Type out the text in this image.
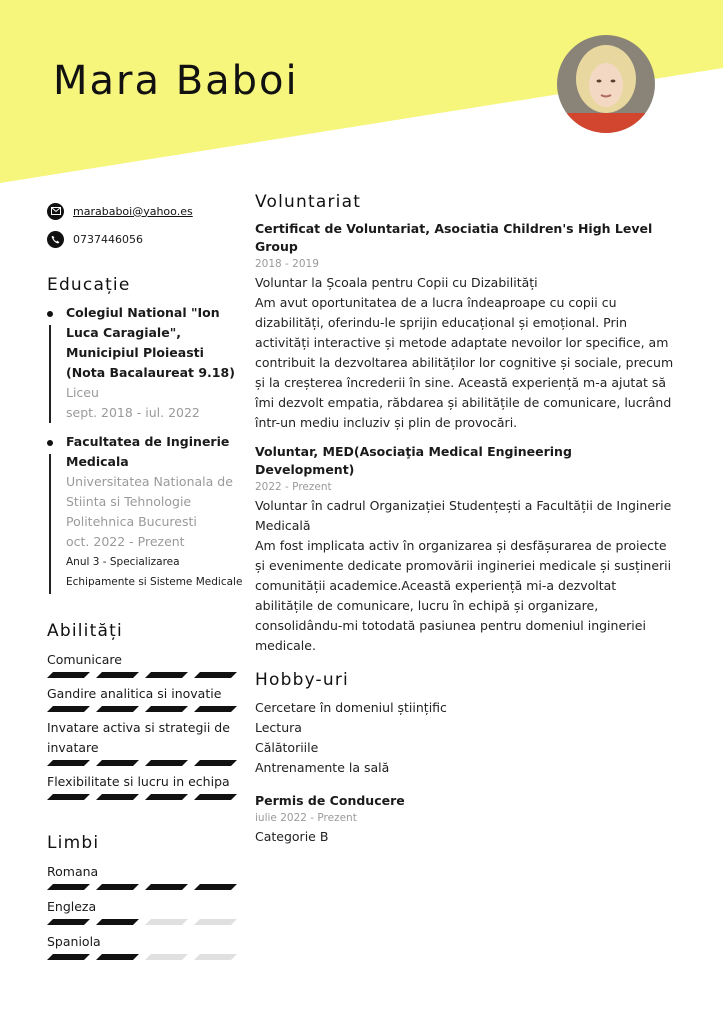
Mara Baboi
marababoi@yahoo.es
0737446056
Educație
Colegiul National "Ion Luca Caragiale", Municipiul Ploieasti (Nota Bacalaureat 9.18)
Liceu
sept. 2018 - iul. 2022
Facultatea de Inginerie Medicala
Universitatea Nationala de Stiinta si Tehnologie Politehnica Bucuresti
oct. 2022 - Prezent
Anul 3 - Specializarea Echipamente si Sisteme Medicale
Abilități
Comunicare
Gandire analitica si inovatie
Invatare activa si strategii de invatare
Flexibilitate si lucru in echipa
Limbi
Romana
Engleza
Spaniola
Voluntariat
Certificat de Voluntariat, Asociatia Children's High Level Group
2018 - 2019
Voluntar la Școala pentru Copii cu Dizabilități
Am avut oportunitatea de a lucra îndeaproape cu copii cu dizabilități, oferindu-le sprijin educațional și emoțional. Prin activități interactive și metode adaptate nevoilor lor specifice, am contribuit la dezvoltarea abilităților lor cognitive și sociale, precum și la creșterea încrederii în sine. Această experiență m-a ajutat să îmi dezvolt empatia, răbdarea și abilitățile de comunicare, lucrând într-un mediu incluziv și plin de provocări.
Voluntar, MED(Asociaţia Medical Engineering Development)
2022 - Prezent
Voluntar în cadrul Organizației Studențești a Facultății de Inginerie Medicală
Am fost implicata activ în organizarea și desfășurarea de proiecte și evenimente dedicate promovării ingineriei medicale și susținerii comunității academice.Această experiență mi-a dezvoltat abilitățile de comunicare, lucru în echipă și organizare, consolidându-mi totodată pasiunea pentru domeniul ingineriei medicale.
Hobby-uri
Cercetare în domeniul științific
Lectura
Călătoriile
Antrenamente la sală
Permis de Conducere
iulie 2022 - Prezent
Categorie B
